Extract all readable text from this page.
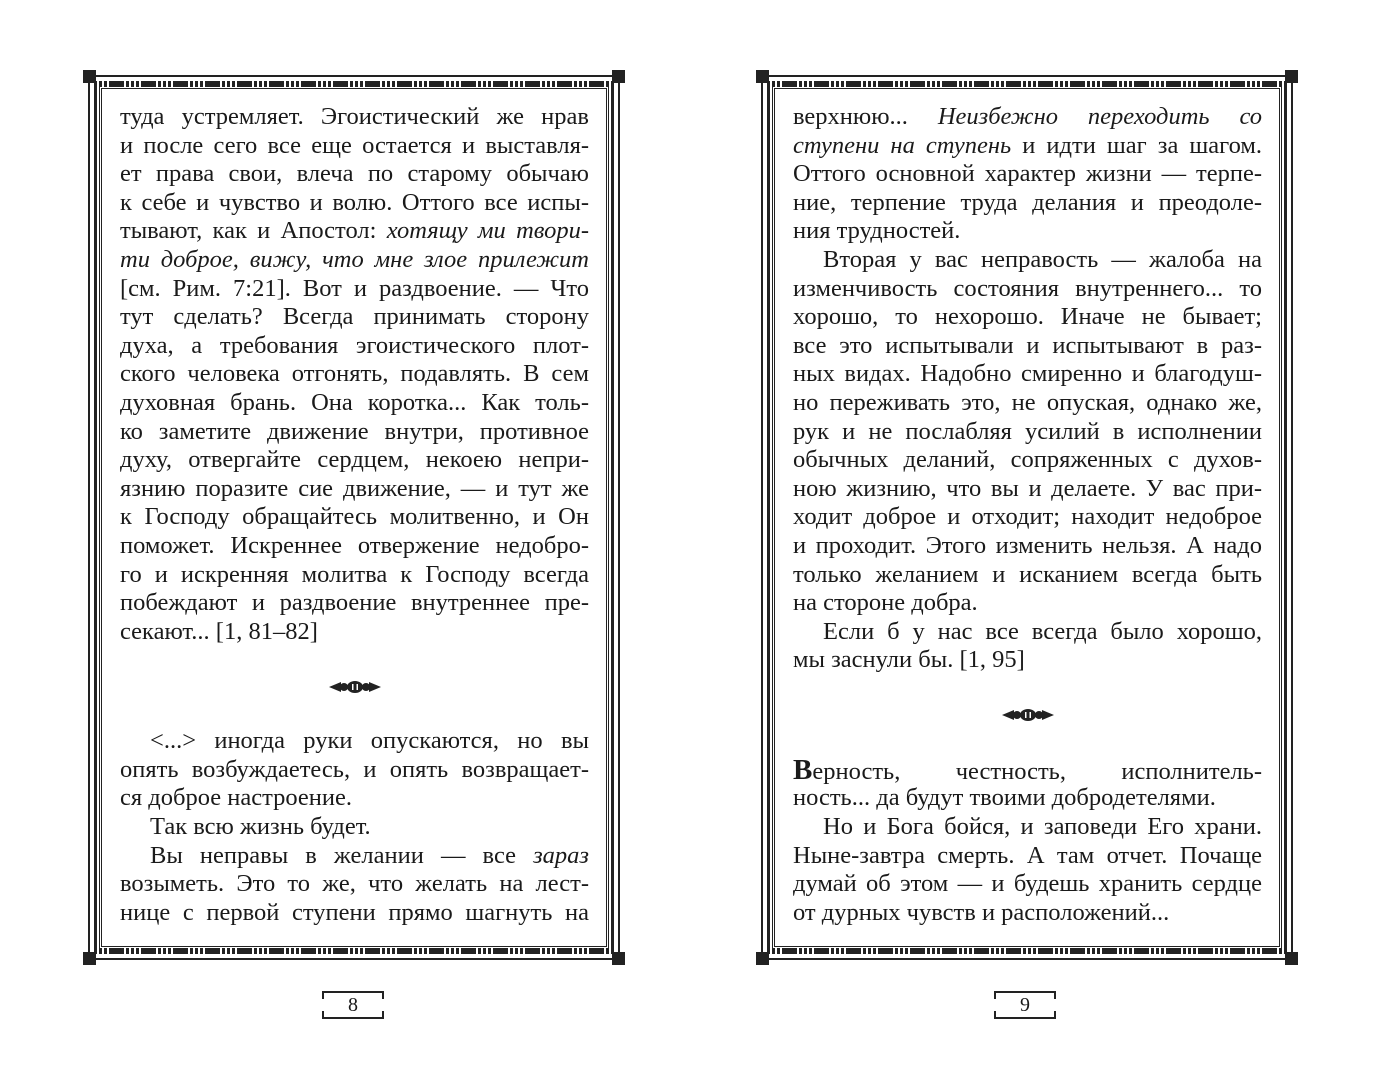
туда устремляет. Эгоистический же нрав
и после сего все еще остается и выставля-
ет права свои, влеча по старому обычаю
к себе и чувство и волю. Оттого все испы-
тывают, как и Апостол: хотящу ми твори-
ти доброе, вижу, что мне злое прилежит
[см. Рим. 7:21]. Вот и раздвоение. — Что
тут сделать? Всегда принимать сторону
духа, а требования эгоистического плот-
ского человека отгонять, подавлять. В сем
духовная брань. Она коротка... Как толь-
ко заметите движение внутри, противное
духу, отвергайте сердцем, некоею непри-
язнию поразите сие движение, — и тут же
к Господу обращайтесь молитвенно, и Он
поможет. Искреннее отвержение недобро-
го и искренняя молитва к Господу всегда
побеждают и раздвоение внутреннее пре-
секают... [1, 81–82]
<...> иногда руки опускаются, но вы
опять возбуждаетесь, и опять возвращает-
ся доброе настроение.
Так всю жизнь будет.
Вы неправы в желании — все зараз
возыметь. Это то же, что желать на лест-
нице с первой ступени прямо шагнуть на
8
верхнюю... Неизбежно переходить со
ступени на ступень и идти шаг за шагом.
Оттого основной характер жизни — терпе-
ние, терпение труда делания и преодоле-
ния трудностей.
Вторая у вас неправость — жалоба на
изменчивость состояния внутреннего... то
хорошо, то нехорошо. Иначе не бывает;
все это испытывали и испытывают в раз-
ных видах. Надобно смиренно и благодуш-
но переживать это, не опуская, однако же,
рук и не послабляя усилий в исполнении
обычных деланий, сопряженных с духов-
ною жизнию, что вы и делаете. У вас при-
ходит доброе и отходит; находит недоброе
и проходит. Этого изменить нельзя. А надо
только желанием и исканием всегда быть
на стороне добра.
Если б у нас все всегда было хорошо,
мы заснули бы. [1, 95]
Верность, честность, исполнитель-
ность... да будут твоими добродетелями.
Но и Бога бойся, и заповеди Его храни.
Ныне-завтра смерть. А там отчет. Почаще
думай об этом — и будешь хранить сердце
от дурных чувств и расположений...
9
